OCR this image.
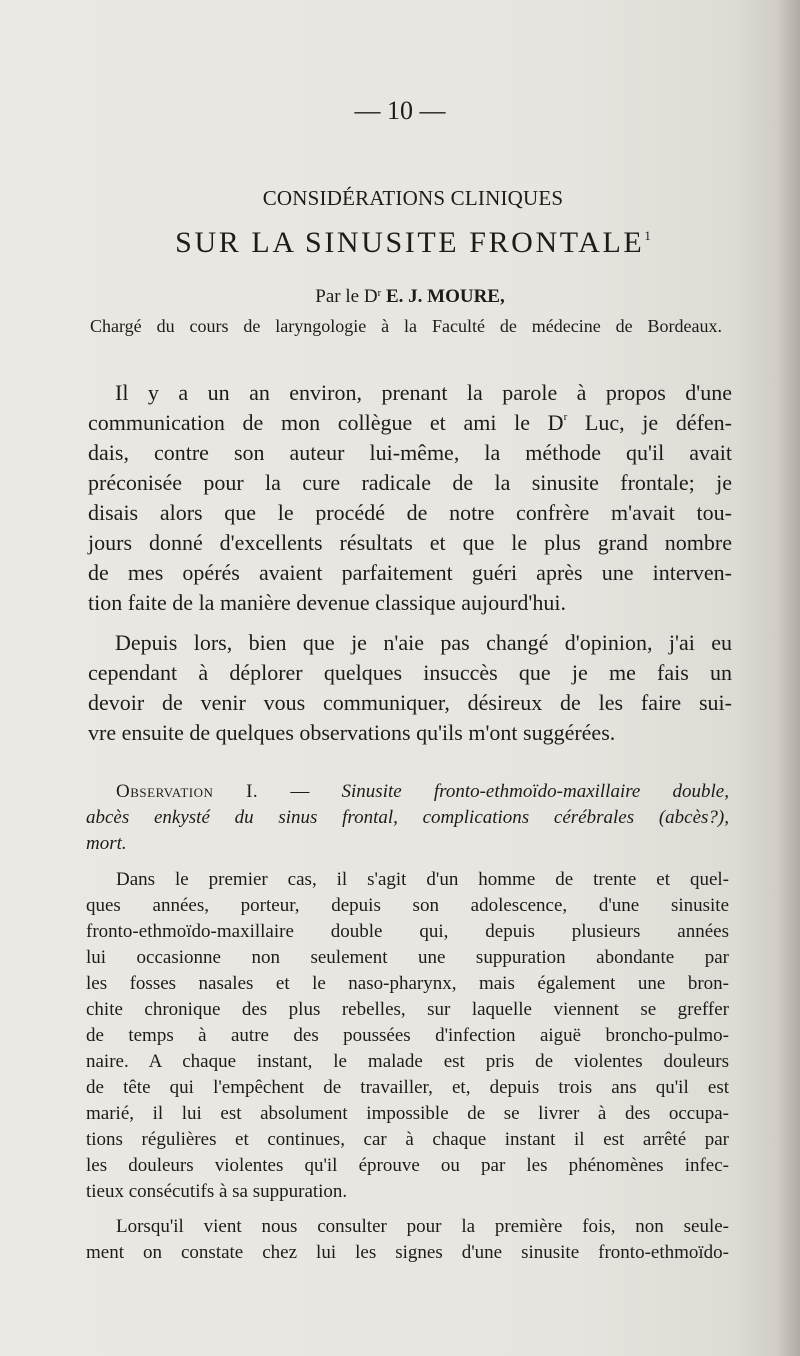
— 10 —
CONSIDÉRATIONS CLINIQUES
SUR LA SINUSITE FRONTALE$^1$
Par le $D^r$ E. J. MOURE,
Chargé du cours de laryngologie à la Faculté de médecine de Bordeaux.
Il y a un an environ, prenant la parole à propos d'une
communication de mon collègue et ami le $D^r$ Luc, je défen-
dais, contre son auteur lui-même, la méthode qu'il avait
préconisée pour la cure radicale de la sinusite frontale; je
disais alors que le procédé de notre confrère m'avait tou-
jours donné d'excellents résultats et que le plus grand nombre
de mes opérés avaient parfaitement guéri après une interven-
tion faite de la manière devenue classique aujourd'hui.
Depuis lors, bien que je n'aie pas changé d'opinion, j'ai eu
cependant à déplorer quelques insuccès que je me fais un
devoir de venir vous communiquer, désireux de les faire sui-
vre ensuite de quelques observations qu'ils m'ont suggérées.
Observation I. — Sinusite fronto-ethmoïdo-maxillaire double,
abcès enkysté du sinus frontal, complications cérébrales (abcès?),
mort.
Dans le premier cas, il s'agit d'un homme de trente et quel-
ques années, porteur, depuis son adolescence, d'une sinusite
fronto-ethmoïdo-maxillaire double qui, depuis plusieurs années
lui occasionne non seulement une suppuration abondante par
les fosses nasales et le naso-pharynx, mais également une bron-
chite chronique des plus rebelles, sur laquelle viennent se greffer
de temps à autre des poussées d'infection aiguë broncho-pulmo-
naire. A chaque instant, le malade est pris de violentes douleurs
de tête qui l'empêchent de travailler, et, depuis trois ans qu'il est
marié, il lui est absolument impossible de se livrer à des occupa-
tions régulières et continues, car à chaque instant il est arrêté par
les douleurs violentes qu'il éprouve ou par les phénomènes infec-
tieux consécutifs à sa suppuration.
Lorsqu'il vient nous consulter pour la première fois, non seule-
ment on constate chez lui les signes d'une sinusite fronto-ethmoïdo-
